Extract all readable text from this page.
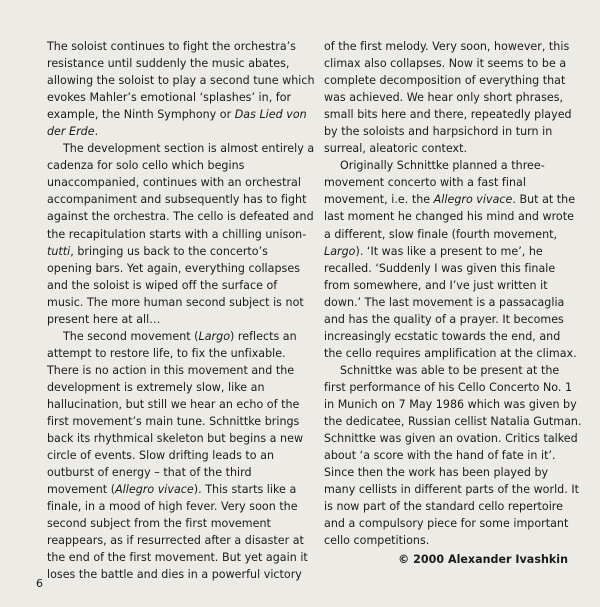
The soloist continues to fight the orchestra’s resistance until suddenly the music abates, allowing the soloist to play a second tune which evokes Mahler’s emotional ‘splashes’ in, for example, the Ninth Symphony or Das Lied von der Erde.

The development section is almost entirely a cadenza for solo cello which begins unaccompanied, continues with an orchestral accompaniment and subsequently has to fight against the orchestra. The cello is defeated and the recapitulation starts with a chilling unison-tutti, bringing us back to the concerto’s opening bars. Yet again, everything collapses and the soloist is wiped off the surface of music. The more human second subject is not present here at all…

The second movement (Largo) reflects an attempt to restore life, to fix the unfixable. There is no action in this movement and the development is extremely slow, like an hallucination, but still we hear an echo of the first movement’s main tune. Schnittke brings back its rhythmical skeleton but begins a new circle of events. Slow drifting leads to an outburst of energy – that of the third movement (Allegro vivace). This starts like a finale, in a mood of high fever. Very soon the second subject from the first movement reappears, as if resurrected after a disaster at the end of the first movement. But yet again it loses the battle and dies in a powerful victory

of the first melody. Very soon, however, this climax also collapses. Now it seems to be a complete decomposition of everything that was achieved. We hear only short phrases, small bits here and there, repeatedly played by the soloists and harpsichord in turn in surreal, aleatoric context.

Originally Schnittke planned a three-movement concerto with a fast final movement, i.e. the Allegro vivace. But at the last moment he changed his mind and wrote a different, slow finale (fourth movement, Largo). ‘It was like a present to me’, he recalled. ‘Suddenly I was given this finale from somewhere, and I’ve just written it down.’ The last movement is a passacaglia and has the quality of a prayer. It becomes increasingly ecstatic towards the end, and the cello requires amplification at the climax.

Schnittke was able to be present at the first performance of his Cello Concerto No. 1 in Munich on 7 May 1986 which was given by the dedicatee, Russian cellist Natalia Gutman. Schnittke was given an ovation. Critics talked about ‘a score with the hand of fate in it’. Since then the work has been played by many cellists in different parts of the world. It is now part of the standard cello repertoire and a compulsory piece for some important cello competitions.

© 2000 Alexander Ivashkin
6
